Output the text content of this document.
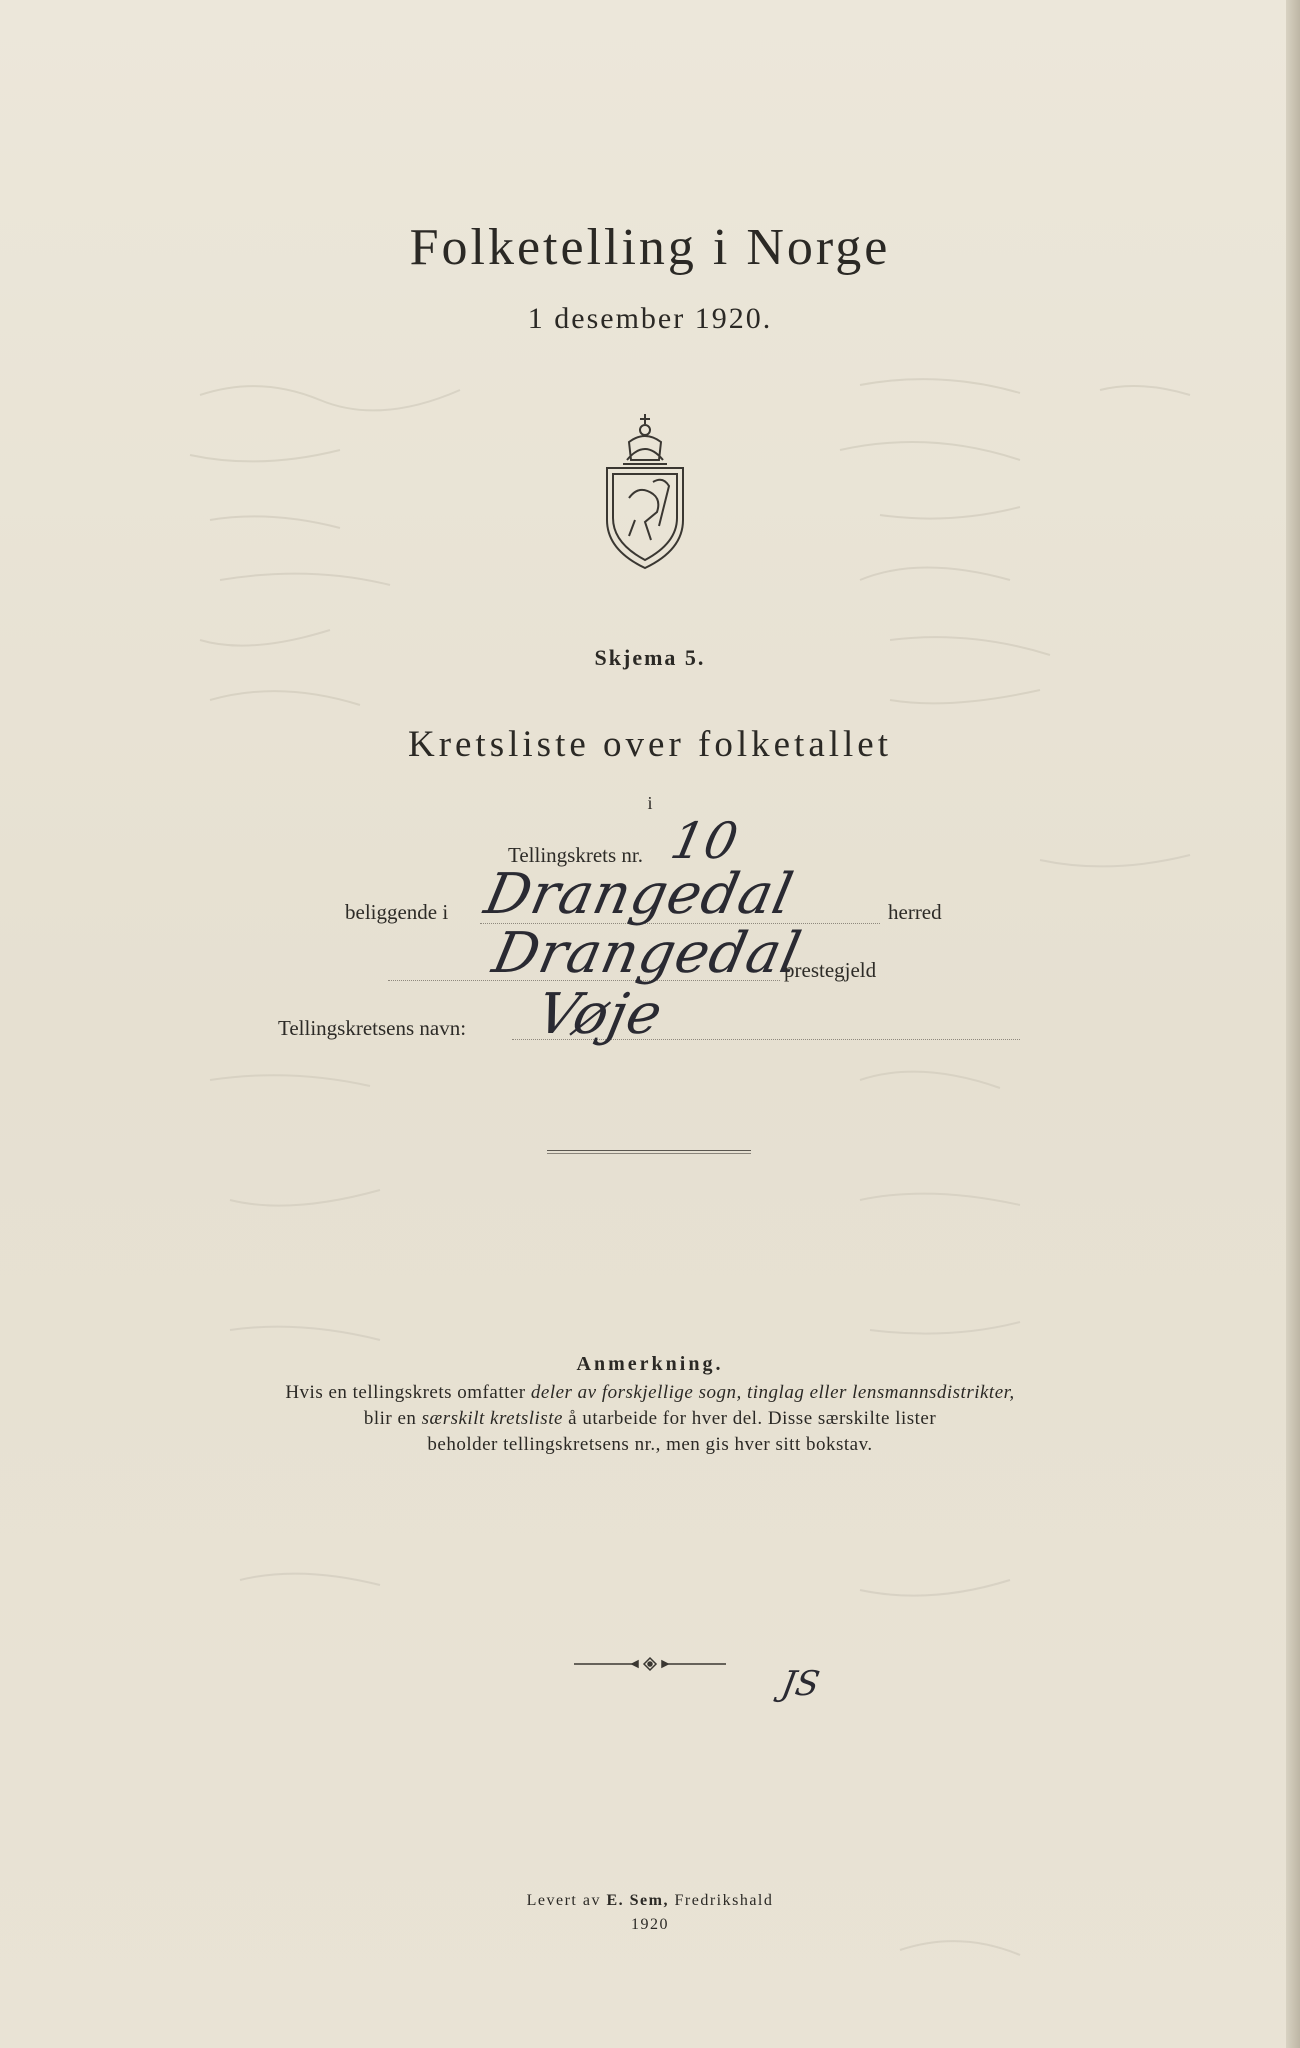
Folketelling i Norge
1 desember 1920.
Skjema 5.
Kretsliste over folketallet
i
Tellingskrets nr. 10
beliggende i Drangedal	herred
Drangedal
prestegjeld
Tellingskretsens navn: Vøje
Anmerkning.
Hvis en tellingskrets omfatter deler av forskjellige sogn, tinglag eller lensmannsdistrikter,
blir en særskilt kretsliste å utarbeide for hver del. Disse særskilte lister
beholder tellingskretsens nr., men gis hver sitt bokstav.
JS
Levert av E. Sem, Fredrikshald
1920
